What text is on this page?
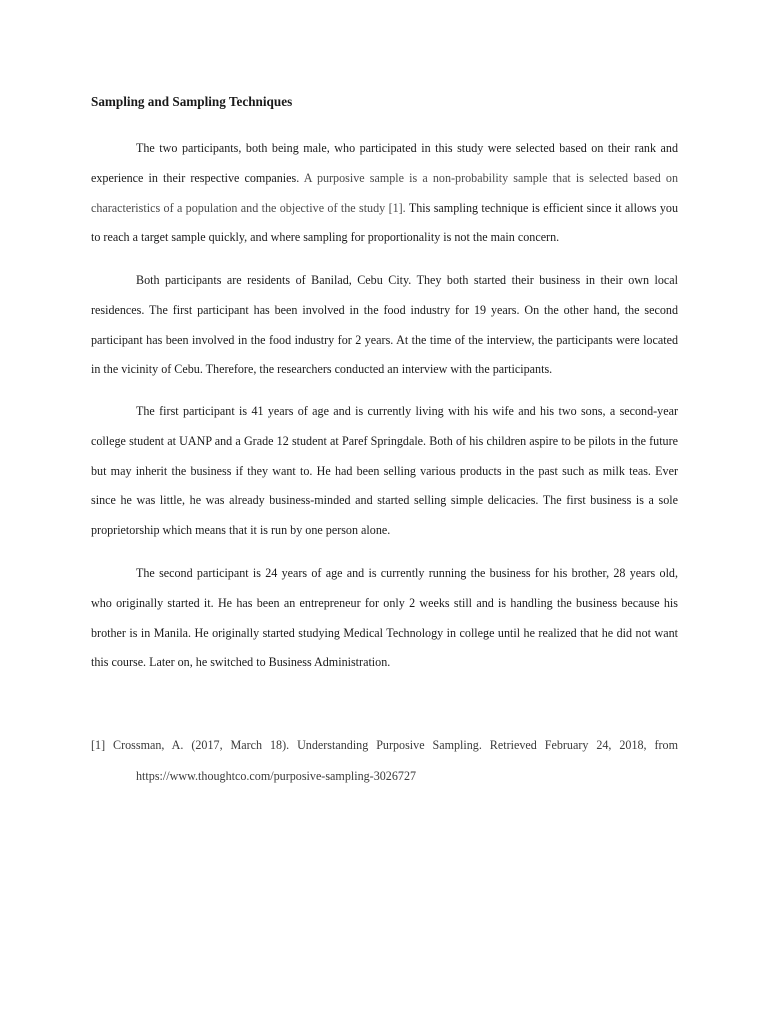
Sampling and Sampling Techniques

The two participants, both being male, who participated in this study were selected based on their rank and experience in their respective companies. A purposive sample is a non-probability sample that is selected based on characteristics of a population and the objective of the study [1]. This sampling technique is efficient since it allows you to reach a target sample quickly, and where sampling for proportionality is not the main concern.

Both participants are residents of Banilad, Cebu City. They both started their business in their own local residences. The first participant has been involved in the food industry for 19 years. On the other hand, the second participant has been involved in the food industry for 2 years. At the time of the interview, the participants were located in the vicinity of Cebu. Therefore, the researchers conducted an interview with the participants.

The first participant is 41 years of age and is currently living with his wife and his two sons, a second-year college student at UANP and a Grade 12 student at Paref Springdale. Both of his children aspire to be pilots in the future but may inherit the business if they want to. He had been selling various products in the past such as milk teas. Ever since he was little, he was already business-minded and started selling simple delicacies. The first business is a sole proprietorship which means that it is run by one person alone.

The second participant is 24 years of age and is currently running the business for his brother, 28 years old, who originally started it. He has been an entrepreneur for only 2 weeks still and is handling the business because his brother is in Manila. He originally started studying Medical Technology in college until he realized that he did not want this course. Later on, he switched to Business Administration.

[1] Crossman, A. (2017, March 18). Understanding Purposive Sampling. Retrieved February 24, 2018, from https://www.thoughtco.com/purposive-sampling-3026727
